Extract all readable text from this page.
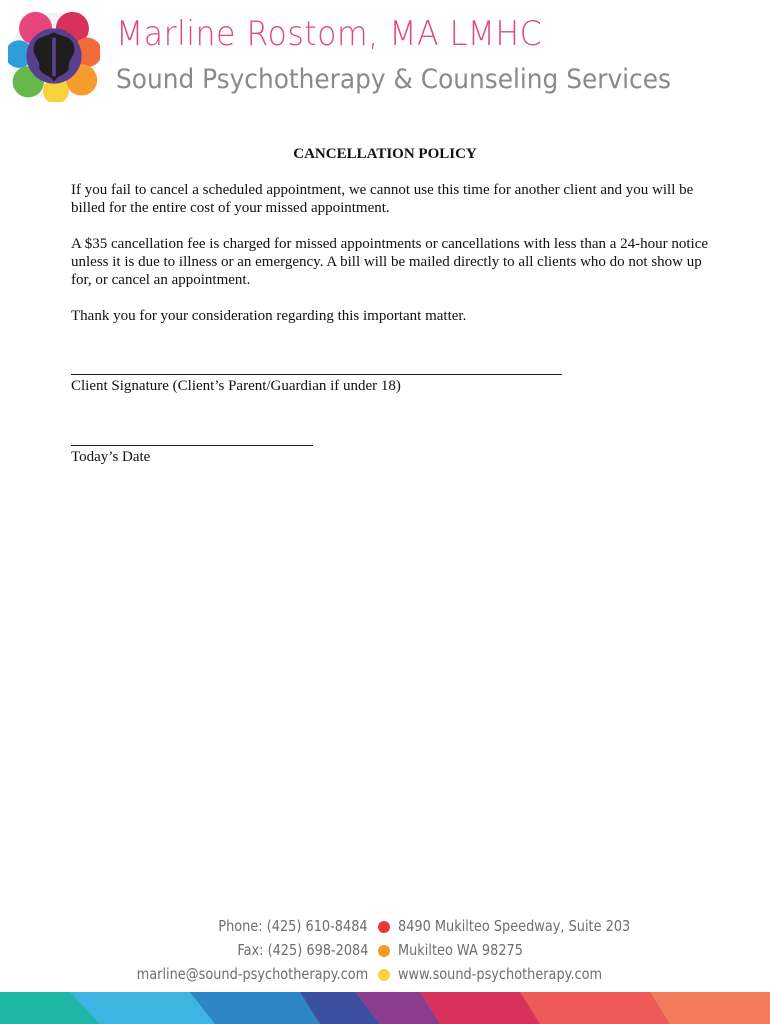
Marline Rostom, MA LMHC
Sound Psychotherapy & Counseling Services
CANCELLATION POLICY

If you fail to cancel a scheduled appointment, we cannot use this time for another client and you will be billed for the entire cost of your missed appointment.

A $35 cancellation fee is charged for missed appointments or cancellations with less than a 24-hour notice unless it is due to illness or an emergency. A bill will be mailed directly to all clients who do not show up for, or cancel an appointment.

Thank you for your consideration regarding this important matter.

Client Signature (Client’s Parent/Guardian if under 18)
Today’s Date
Phone: (425) 610-8484
Fax: (425) 698-2084
marline@sound-psychotherapy.com
8490 Mukilteo Speedway, Suite 203
Mukilteo WA 98275
www.sound-psychotherapy.com
